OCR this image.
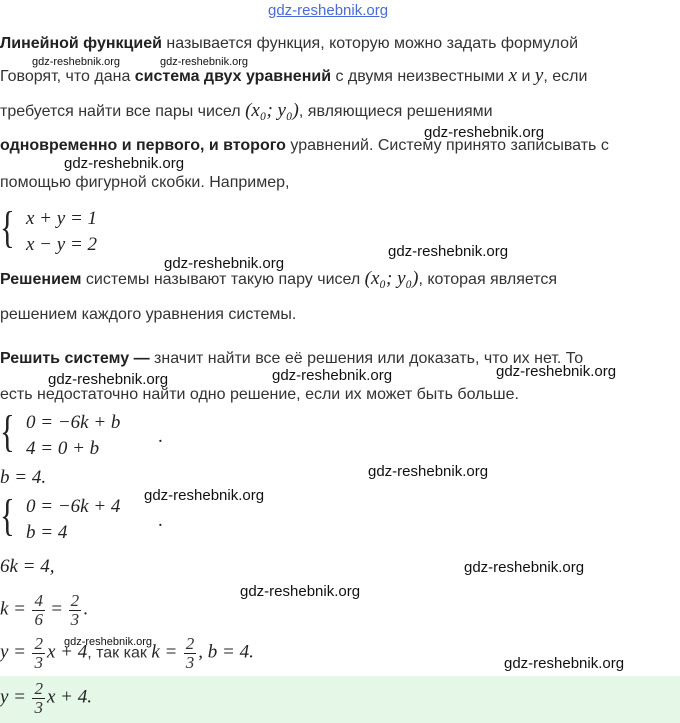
gdz-reshebnik.org
gdz-reshebnik.org	gdz-reshebnik.org
gdz-reshebnik.org
gdz-reshebnik.org
gdz-reshebnik.org
gdz-reshebnik.org
gdz-reshebnik.org	gdz-reshebnik.org	gdz-reshebnik.org
gdz-reshebnik.org
gdz-reshebnik.org
gdz-reshebnik.org
gdz-reshebnik.org
gdz-reshebnik.org
gdz-reshebnik.org
Линейной функцией называется функция, которую можно задать формулой
Говорят, что дана система двух уравнений с двумя неизвестными x и y, если
требуется найти все пары чисел (x₀; y₀), являющиеся решениями
одновременно и первого, и второго уравнений. Систему принято записывать с
помощью фигурной скобки. Например,
{ x + y = 1
x − y = 2
Решением системы называют такую пару чисел (x₀; y₀), которая является
решением каждого уравнения системы.
Решить систему — значит найти все её решения или доказать, что их нет. То
есть недостаточно найти одно решение, если их может быть больше.
{ 0 = −6k + b
4 = 0 + b
.
b = 4.
{ 0 = −6k + 4
b = 4
.
6k = 4,
$k = \frac{4}{6} = \frac{2}{3}$ .
$y = \frac{2}{3}$ x + 4, так как $k = \frac{2}{3}$ , b = 4.
$y = \frac{2}{3}$ x + 4.
